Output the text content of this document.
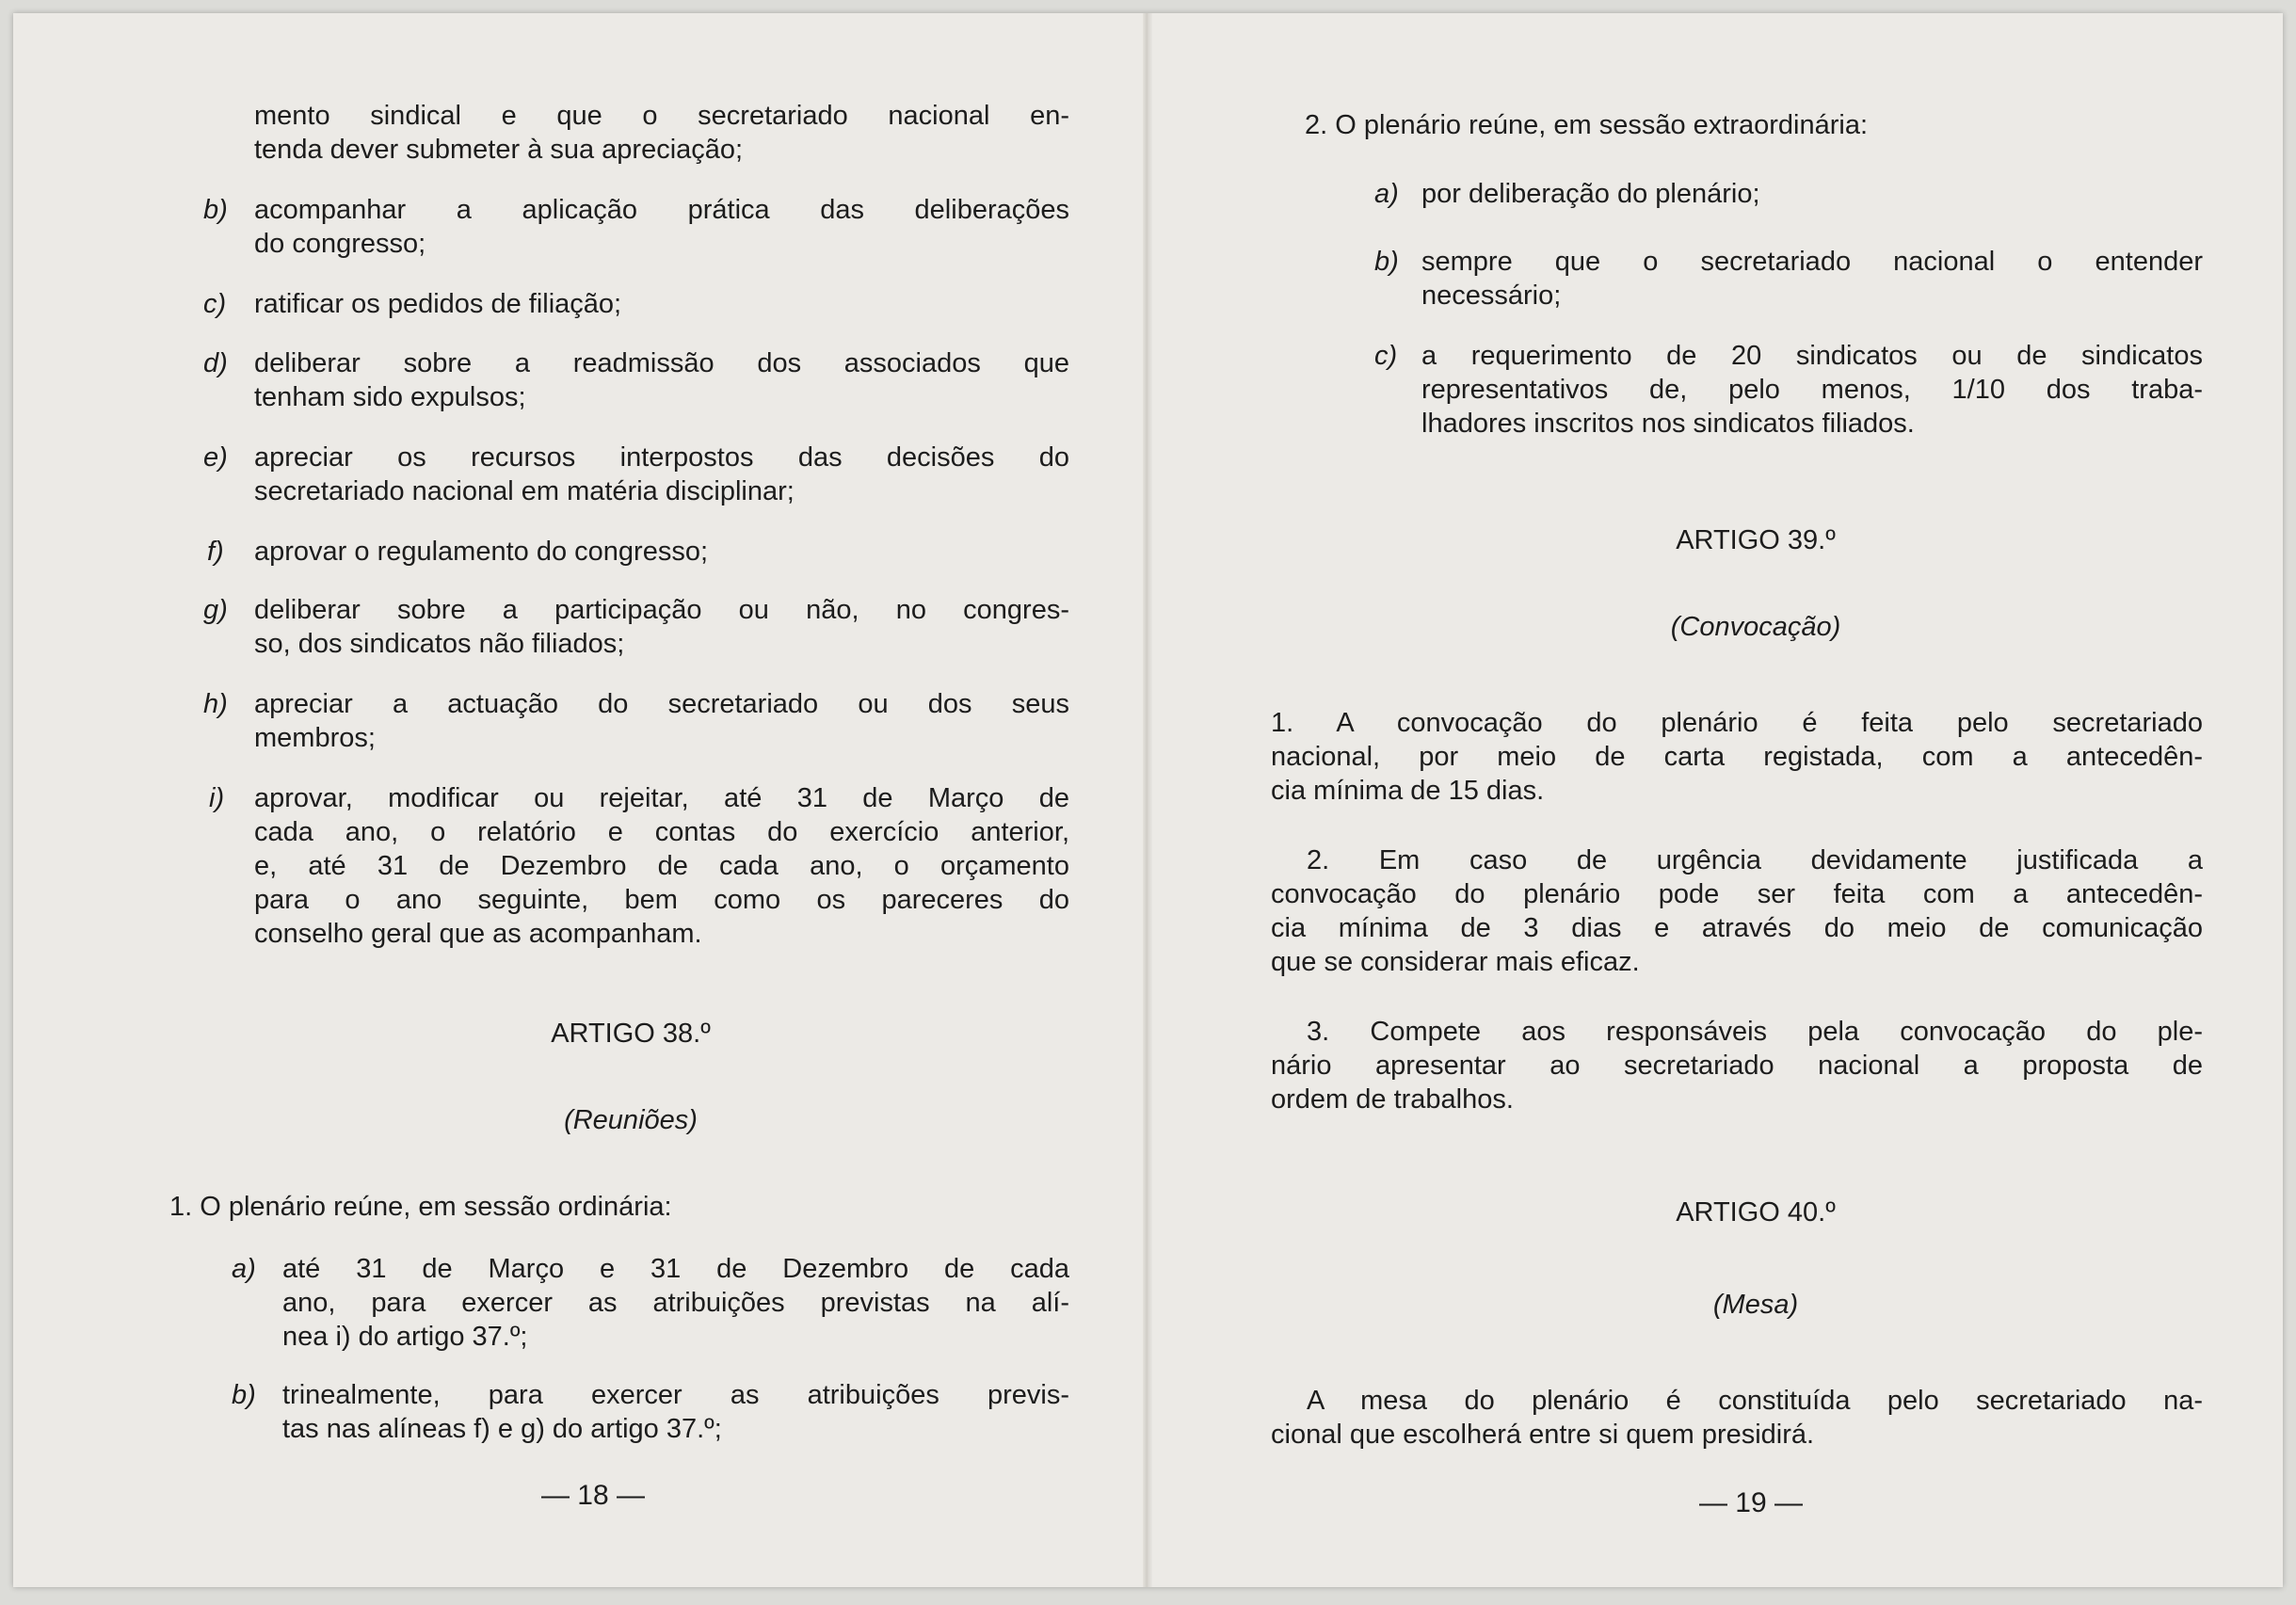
mento sindical e que o secretariado nacional en-
tenda dever submeter à sua apreciação;
b) acompanhar a aplicação prática das deliberações
do congresso;
c) ratificar os pedidos de filiação;
d) deliberar sobre a readmissão dos associados que
tenham sido expulsos;
e) apreciar os recursos interpostos das decisões do
secretariado nacional em matéria disciplinar;
f) aprovar o regulamento do congresso;
g) deliberar sobre a participação ou não, no congres-
so, dos sindicatos não filiados;
h) apreciar a actuação do secretariado ou dos seus
membros;
i) aprovar, modificar ou rejeitar, até 31 de Março de
cada ano, o relatório e contas do exercício anterior,
e, até 31 de Dezembro de cada ano, o orçamento
para o ano seguinte, bem como os pareceres do
conselho geral que as acompanham.
ARTIGO 38.º
(Reuniões)
1. O plenário reúne, em sessão ordinária:
a) até 31 de Março e 31 de Dezembro de cada
ano, para exercer as atribuições previstas na alí-
nea i) do artigo 37.º;
b) trinealmente, para exercer as atribuições previs-
tas nas alíneas f) e g) do artigo 37.º;
— 18 —
2. O plenário reúne, em sessão extraordinária:
a) por deliberação do plenário;
b) sempre que o secretariado nacional o entender
necessário;
c) a requerimento de 20 sindicatos ou de sindicatos
representativos de, pelo menos, 1/10 dos traba-
lhadores inscritos nos sindicatos filiados.
ARTIGO 39.º
(Convocação)
1. A convocação do plenário é feita pelo secretariado
nacional, por meio de carta registada, com a antecedên-
cia mínima de 15 dias.
2. Em caso de urgência devidamente justificada a
convocação do plenário pode ser feita com a antecedên-
cia mínima de 3 dias e através do meio de comunicação
que se considerar mais eficaz.
3. Compete aos responsáveis pela convocação do ple-
nário apresentar ao secretariado nacional a proposta de
ordem de trabalhos.
ARTIGO 40.º
(Mesa)
A mesa do plenário é constituída pelo secretariado na-
cional que escolherá entre si quem presidirá.
— 19 —
